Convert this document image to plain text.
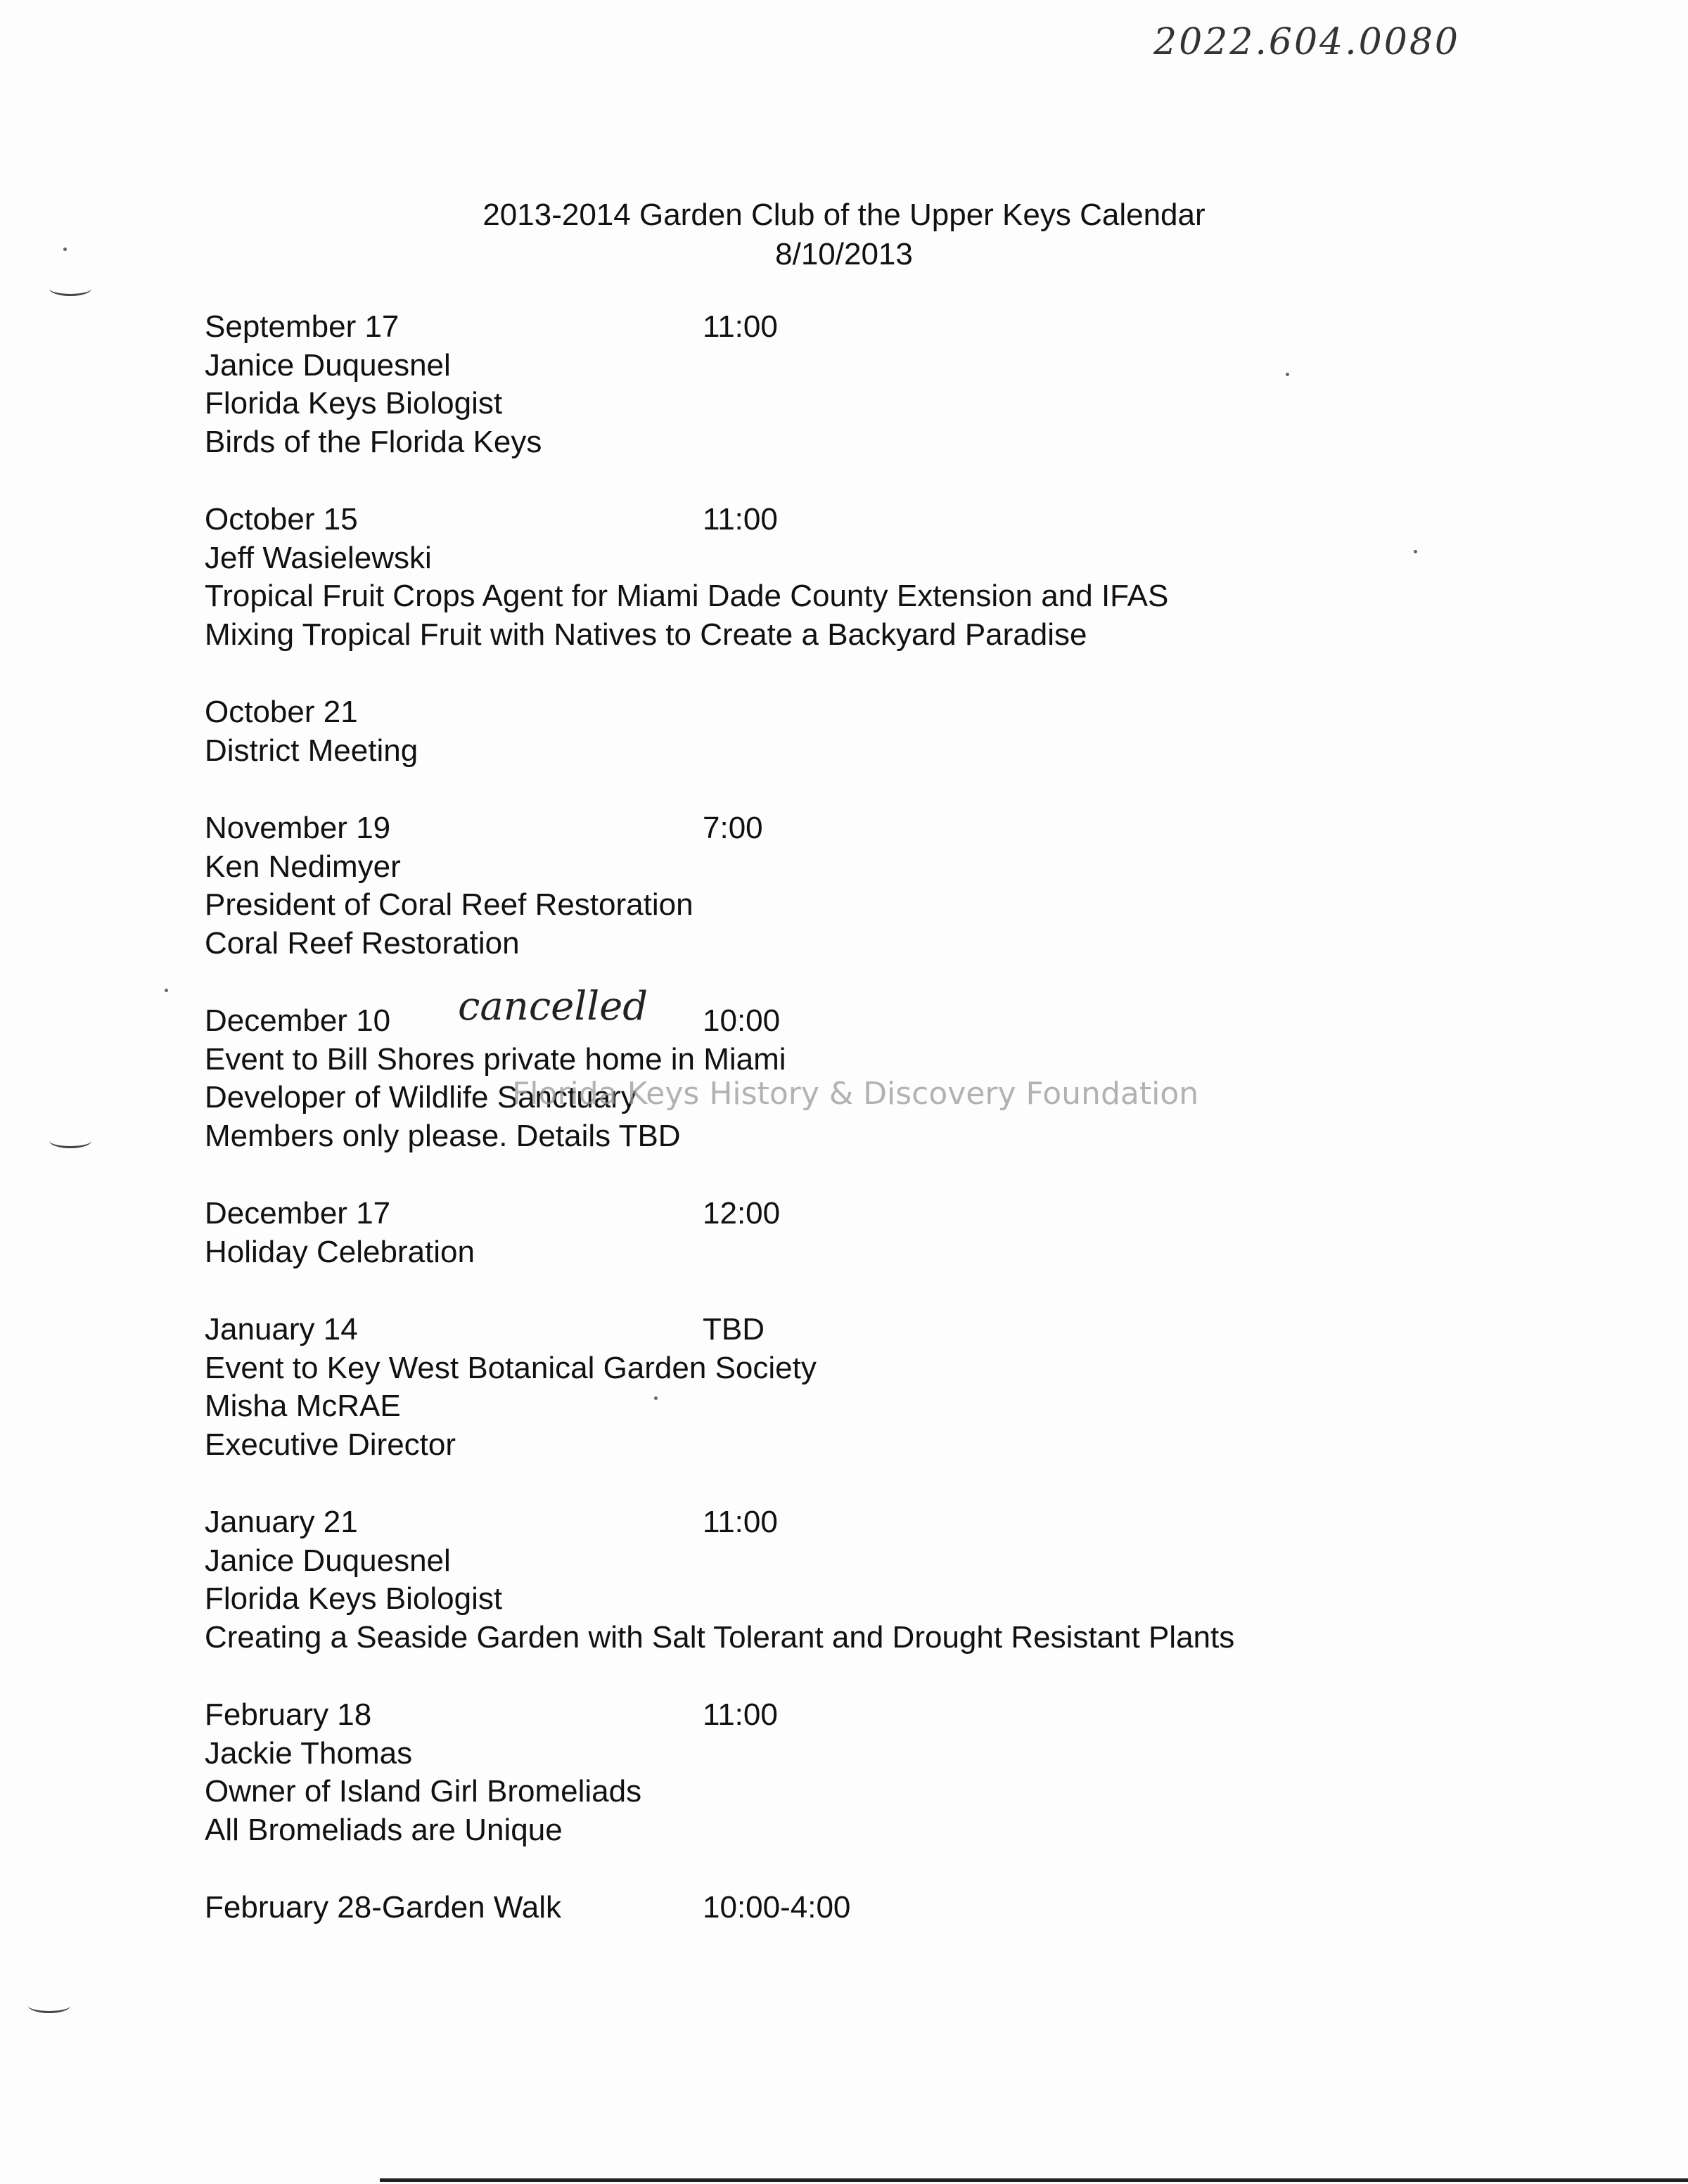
2022.604.0080
2013-2014 Garden Club of the Upper Keys Calendar
8/10/2013
September 17	11:00
Janice Duquesnel
Florida Keys Biologist
Birds of the Florida Keys
October 15	11:00
Jeff Wasielewski
Tropical Fruit Crops Agent for Miami Dade County Extension and IFAS
Mixing Tropical Fruit with Natives to Create a Backyard Paradise
October 21
District Meeting
November 19	7:00
Ken Nedimyer
President of Coral Reef Restoration
Coral Reef Restoration
December 10 cancelled 10:00
Event to Bill Shores private home in Miami
Developer of Wildlife Sanctuary
Members only please. Details TBD
December 17	12:00
Holiday Celebration
January 14	TBD
Event to Key West Botanical Garden Society
Misha McRAE
Executive Director
January 21	11:00
Janice Duquesnel
Florida Keys Biologist
Creating a Seaside Garden with Salt Tolerant and Drought Resistant Plants
February 18	11:00
Jackie Thomas
Owner of Island Girl Bromeliads
All Bromeliads are Unique
February 28-Garden Walk	10:00-4:00
Florida Keys History & Discovery Foundation
